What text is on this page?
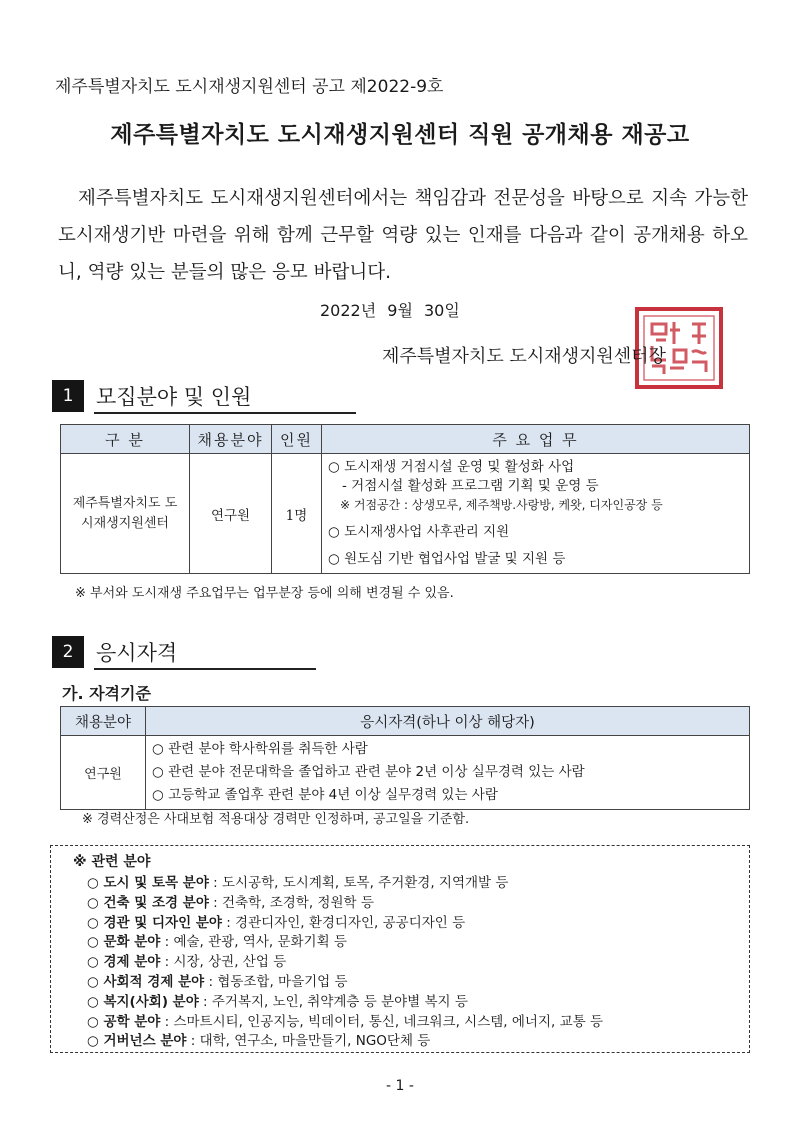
제주특별자치도 도시재생지원센터 공고 제2022-9호
제주특별자치도 도시재생지원센터 직원 공개채용 재공고
제주특별자치도 도시재생지원센터에서는 책임감과 전문성을 바탕으로 지속 가능한 도시재생기반 마련을 위해 함께 근무할 역량 있는 인재를 다음과 같이 공개채용 하오니, 역량 있는 분들의 많은 응모 바랍니다.
2022년 9월 30일
제주특별자치도 도시재생지원센터장
1	모집분야 및 인원
구 분	채용분야	인원	주 요 업 무
제주특별자치도 도시재생지원센터	연구원	1명	○ 도시재생 거점시설 운영 및 활성화 사업
- 거점시설 활성화 프로그램 기획 및 운영 등
※ 거점공간 : 상생모루, 제주책방.사랑방, 케왓, 디자인공장 등
○ 도시재생사업 사후관리 지원
○ 원도심 기반 협업사업 발굴 및 지원 등
※ 부서와 도시재생 주요업무는 업무분장 등에 의해 변경될 수 있음.
2	응시자격
가. 자격기준
채용분야	응시자격(하나 이상 해당자)
연구원	○ 관련 분야 학사학위를 취득한 사람
○ 관련 분야 전문대학을 졸업하고 관련 분야 2년 이상 실무경력 있는 사람
○ 고등학교 졸업후 관련 분야 4년 이상 실무경력 있는 사람
※ 경력산정은 사대보험 적용대상 경력만 인정하며, 공고일을 기준함.
※ 관련 분야
○ 도시 및 토목 분야 : 도시공학, 도시계획, 토목, 주거환경, 지역개발 등
○ 건축 및 조경 분야 : 건축학, 조경학, 정원학 등
○ 경관 및 디자인 분야 : 경관디자인, 환경디자인, 공공디자인 등
○ 문화 분야 : 예술, 관광, 역사, 문화기획 등
○ 경제 분야 : 시장, 상권, 산업 등
○ 사회적 경제 분야 : 협동조합, 마을기업 등
○ 복지(사회) 분야 : 주거복지, 노인, 취약계층 등 분야별 복지 등
○ 공학 분야 : 스마트시티, 인공지능, 빅데이터, 통신, 네크워크, 시스템, 에너지, 교통 등
○ 거버넌스 분야 : 대학, 연구소, 마을만들기, NGO단체 등
- 1 -
